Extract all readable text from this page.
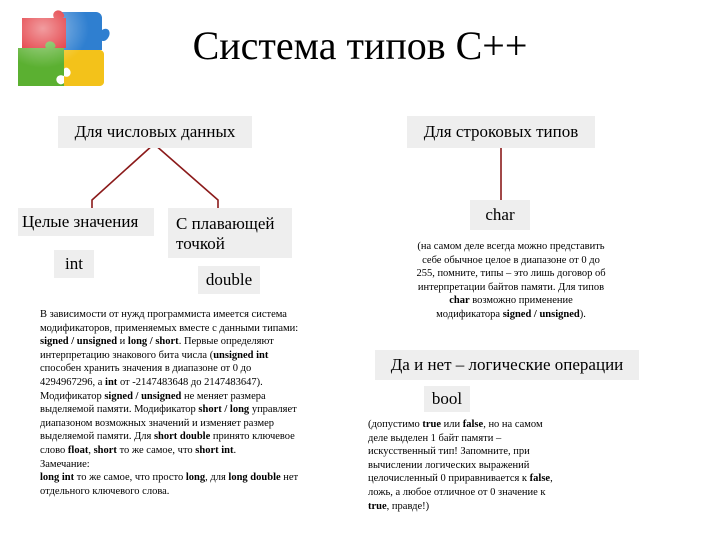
Система типов С++
Для числовых данных	Для строковых типов
Целые значения	С плавающей точкой
int
double
char
Да и нет – логические операции
bool
В зависимости от нужд программиста имеется система модификаторов, применяемых вместе с данными типами: signed / unsigned и long / short. Первые определяют интерпретацию знакового бита числа (unsigned int способен хранить значения в диапазоне от 0 до 4294967296, а int от -2147483648 до 2147483647). Модификатор signed / unsigned не меняет размера выделяемой памяти. Модификатор short / long управляет диапазоном возможных значений и изменяет размер выделяемой памяти. Для short double принято ключевое слово float, short то же самое, что short int.
Замечание:
long int то же самое, что просто long, для long double нет отдельного ключевого слова.
(на самом деле всегда можно представить себе обычное целое в диапазоне от 0 до 255, помните, типы – это лишь договор об интерпретации байтов памяти. Для типов char возможно применение модификатора signed / unsigned).
(допустимо true или false, но на самом деле выделен 1 байт памяти – искусственный тип! Запомните, при вычислении логических выражений целочисленный 0 приравнивается к false, ложь, а любое отличное от 0 значение к true, правде!)
